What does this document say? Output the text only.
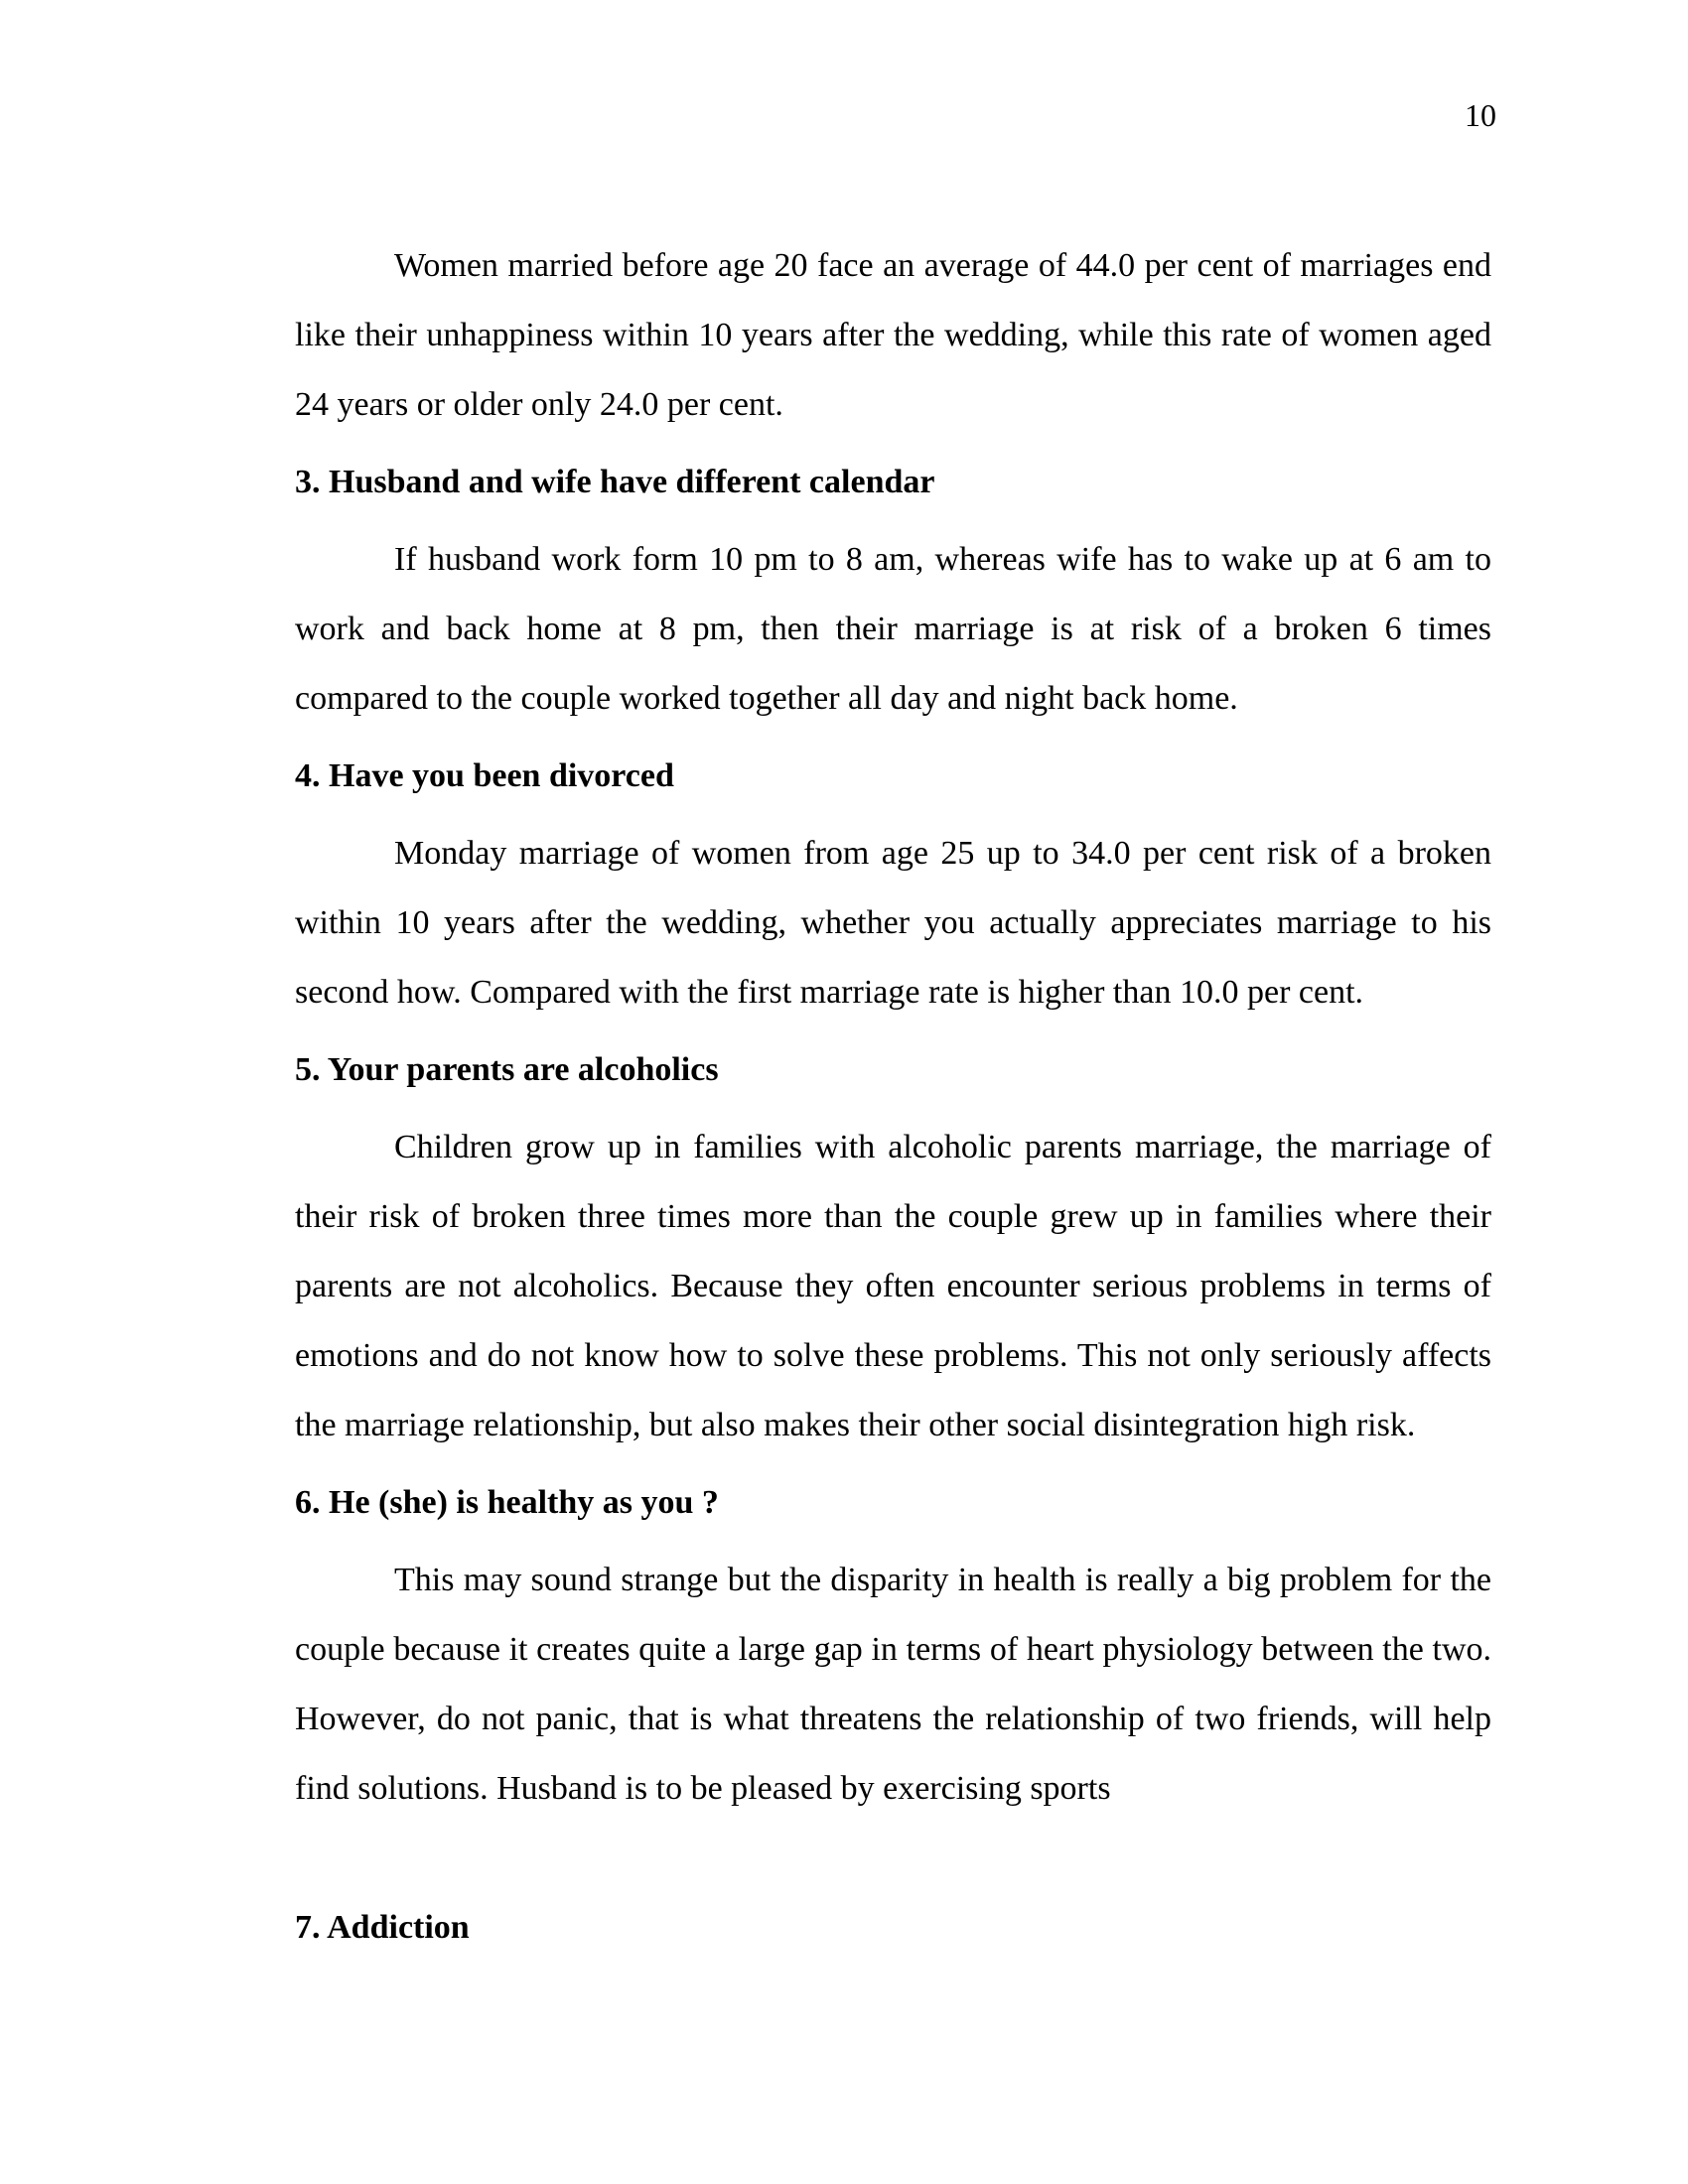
10

Women married before age 20 face an average of 44.0 per cent of marriages end like their unhappiness within 10 years after the wedding, while this rate of women aged 24 years or older only 24.0 per cent.

3. Husband and wife have different calendar

If husband work form 10 pm to 8 am, whereas wife has to wake up at 6 am to work and back home at 8 pm, then their marriage is at risk of a broken 6 times compared to the couple worked together all day and night back home.

4. Have you been divorced

Monday marriage of women from age 25 up to 34.0 per cent risk of a broken within 10 years after the wedding, whether you actually appreciates marriage to his second how. Compared with the first marriage rate is higher than 10.0 per cent.

5. Your parents are alcoholics

Children grow up in families with alcoholic parents marriage, the marriage of their risk of broken three times more than the couple grew up in families where their parents are not alcoholics. Because they often encounter serious problems in terms of emotions and do not know how to solve these problems. This not only seriously affects the marriage relationship, but also makes their other social disintegration high risk.

6. He (she) is healthy as you ?

This may sound strange but the disparity in health is really a big problem for the couple because it creates quite a large gap in terms of heart physiology between the two. However, do not panic, that is what threatens the relationship of two friends, will help find solutions. Husband is to be pleased by exercising sports

7. Addiction
